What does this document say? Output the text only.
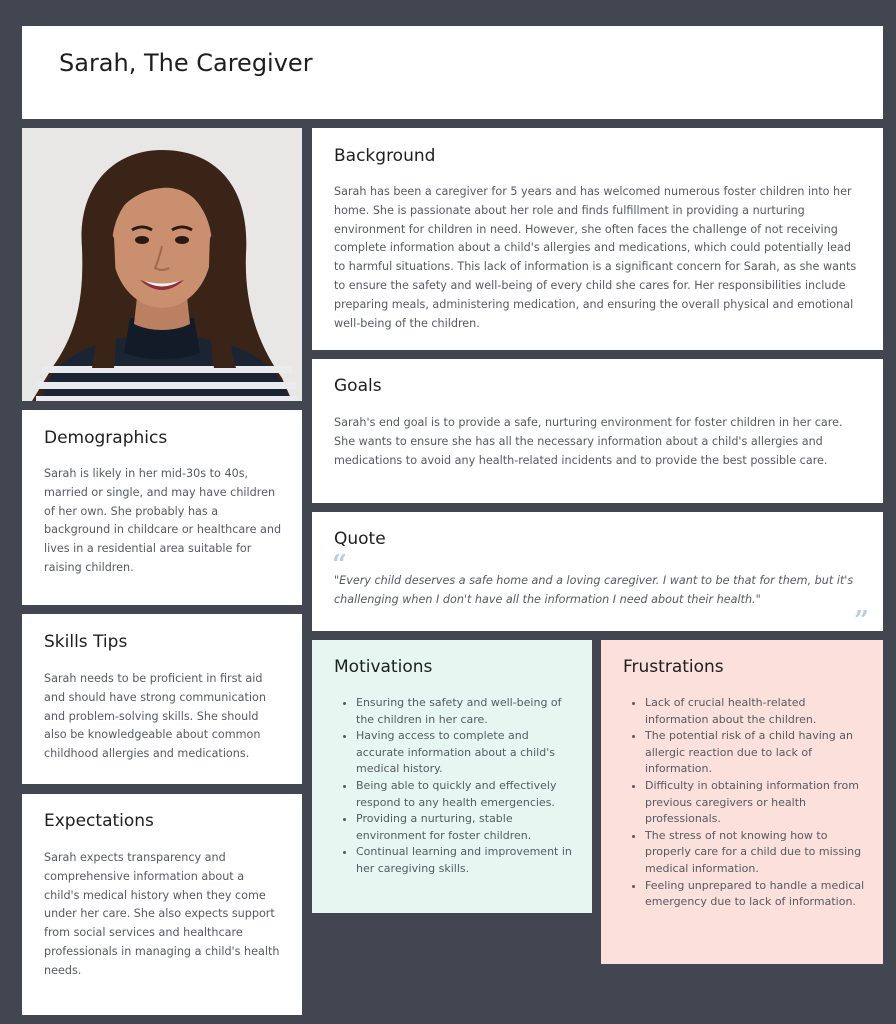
Sarah, The Caregiver
Demographics

Sarah is likely in her mid-30s to 40s, married or single, and may have children of her own. She probably has a background in childcare or healthcare and lives in a residential area suitable for raising children.

Skills Tips

Sarah needs to be proficient in first aid and should have strong communication and problem-solving skills. She should also be knowledgeable about common childhood allergies and medications.

Expectations

Sarah expects transparency and comprehensive information about a child's medical history when they come under her care. She also expects support from social services and healthcare professionals in managing a child's health needs.

Background

Sarah has been a caregiver for 5 years and has welcomed numerous foster children into her home. She is passionate about her role and finds fulfillment in providing a nurturing environment for children in need. However, she often faces the challenge of not receiving complete information about a child's allergies and medications, which could potentially lead to harmful situations. This lack of information is a significant concern for Sarah, as she wants to ensure the safety and well-being of every child she cares for. Her responsibilities include preparing meals, administering medication, and ensuring the overall physical and emotional well-being of the children.

Goals

Sarah's end goal is to provide a safe, nurturing environment for foster children in her care. She wants to ensure she has all the necessary information about a child's allergies and medications to avoid any health-related incidents and to provide the best possible care.

Quote
“

"Every child deserves a safe home and a loving caregiver. I want to be that for them, but it's challenging when I don't have all the information I need about their health."

”
Motivations
• Ensuring the safety and well-being of the children in her care.
• Having access to complete and accurate information about a child's medical history.
• Being able to quickly and effectively respond to any health emergencies.
• Providing a nurturing, stable environment for foster children.
• Continual learning and improvement in her caregiving skills.
Frustrations
• Lack of crucial health-related information about the children.
• The potential risk of a child having an allergic reaction due to lack of information.
• Difficulty in obtaining information from previous caregivers or health professionals.
• The stress of not knowing how to properly care for a child due to missing medical information.
• Feeling unprepared to handle a medical emergency due to lack of information.
